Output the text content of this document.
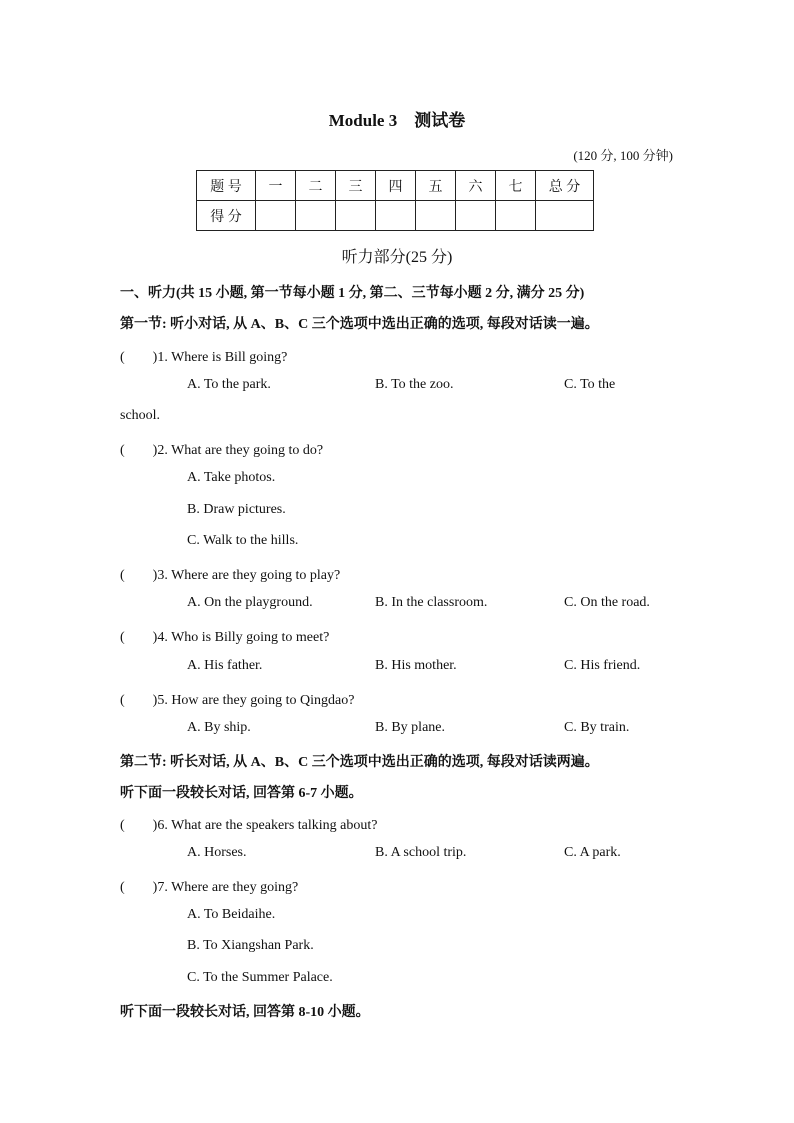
Module 3　测试卷
(120 分, 100 分钟)
题 号	一	二	三	四	五	六	七	总 分
得 分								
听力部分(25 分)
一、听力(共 15 小题, 第一节每小题 1 分, 第二、三节每小题 2 分, 满分 25 分)
第一节: 听小对话, 从 A、B、C 三个选项中选出正确的选项, 每段对话读一遍。
(　　)1. Where is Bill going?
A. To the park.	B. To the zoo.	C. To the
school.
(　　)2. What are they going to do?
A. Take photos.
B. Draw pictures.
C. Walk to the hills.
(　　)3. Where are they going to play?
A. On the playground.	B. In the classroom.	C. On the road.
(　　)4. Who is Billy going to meet?
A. His father.	B. His mother.	C. His friend.
(　　)5. How are they going to Qingdao?
A. By ship.	B. By plane.	C. By train.
第二节: 听长对话, 从 A、B、C 三个选项中选出正确的选项, 每段对话读两遍。
听下面一段较长对话, 回答第 6-7 小题。
(　　)6. What are the speakers talking about?
A. Horses.	B. A school trip.	C. A park.
(　　)7. Where are they going?
A. To Beidaihe.
B. To Xiangshan Park.
C. To the Summer Palace.
听下面一段较长对话, 回答第 8-10 小题。
